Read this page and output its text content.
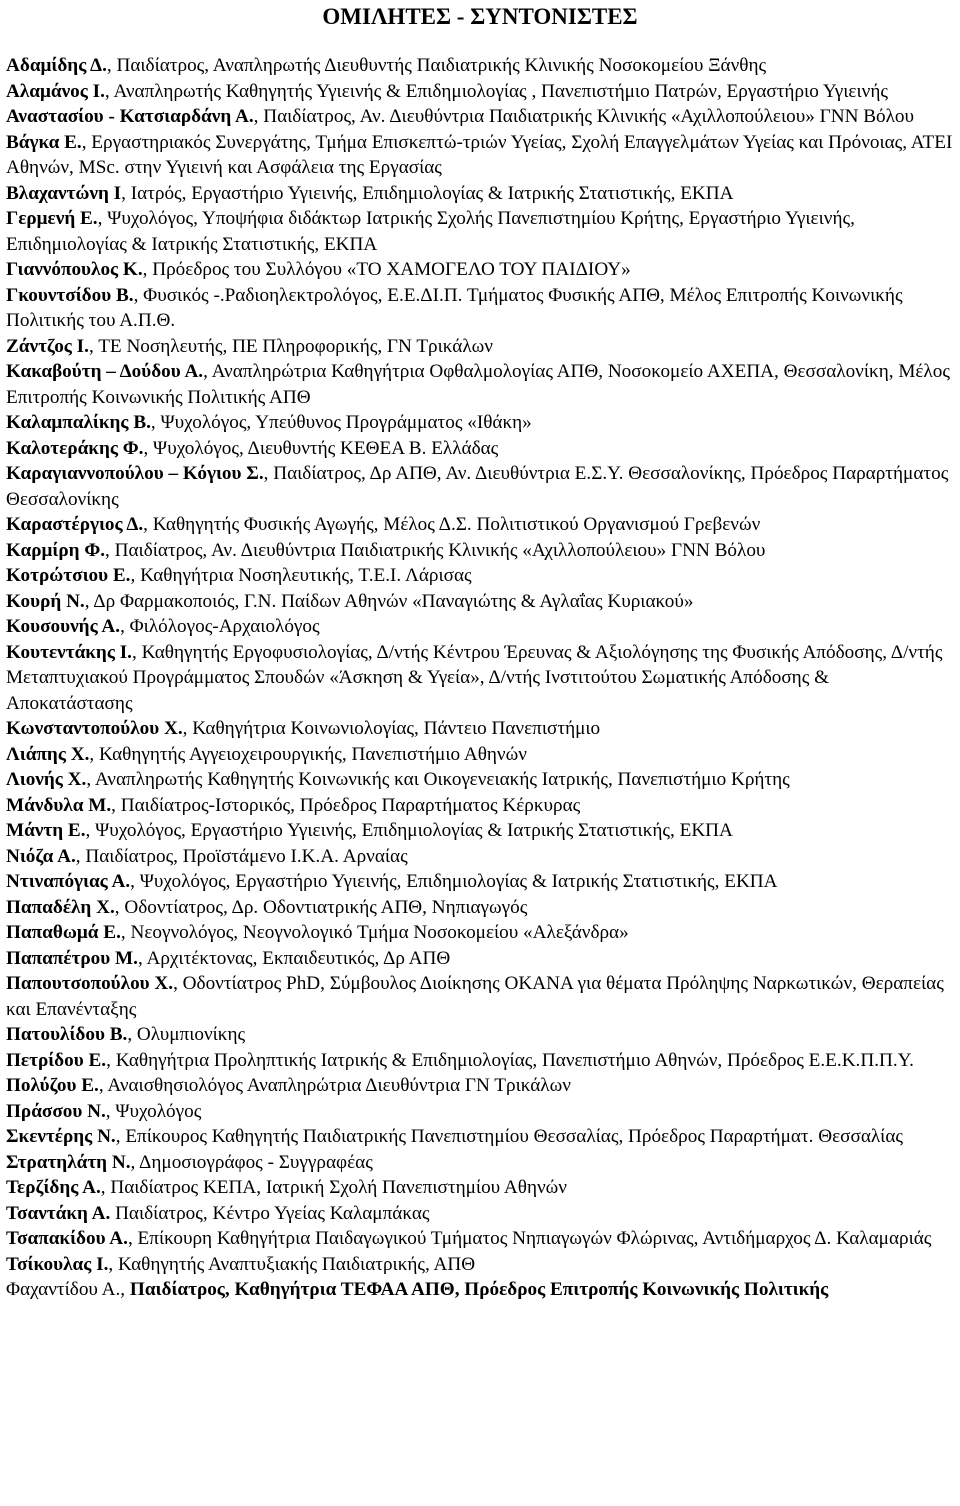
ΟΜΙΛΗΤΕΣ - ΣΥΝΤΟΝΙΣΤΕΣ

Αδαμίδης Δ., Παιδίατρος, Αναπληρωτής Διευθυντής Παιδιατρικής Κλινικής Νοσοκομείου Ξάνθης

Αλαμάνος Ι., Αναπληρωτής Καθηγητής Υγιεινής & Επιδημιολογίας , Πανεπιστήμιο Πατρών, Εργαστήριο Υγιεινής

Αναστασίου - Κατσιαρδάνη Α., Παιδίατρος, Αν. Διευθύντρια Παιδιατρικής Κλινικής «Αχιλλοπούλειου» ΓΝΝ Βόλου

Βάγκα Ε., Εργαστηριακός Συνεργάτης, Τμήμα Επισκεπτώ-τριών Υγείας, Σχολή Επαγγελμάτων Υγείας και Πρόνοιας, ΑΤΕΙ Αθηνών, MSc. στην Υγιεινή και Ασφάλεια της Εργασίας

Βλαχαντώνη Ι, Ιατρός, Εργαστήριο Υγιεινής, Επιδημιολογίας & Ιατρικής Στατιστικής, ΕΚΠΑ

Γερμενή Ε., Ψυχολόγος, Υποψήφια διδάκτωρ Ιατρικής Σχολής Πανεπιστημίου Κρήτης, Εργαστήριο Υγιεινής, Επιδημιολογίας & Ιατρικής Στατιστικής, ΕΚΠΑ

Γιαννόπουλος Κ., Πρόεδρος του Συλλόγου «ΤΟ ΧΑΜΟΓΕΛΟ ΤΟΥ ΠΑΙΔΙΟΥ»

Γκουντσίδου Β., Φυσικός -.Ραδιοηλεκτρολόγος, Ε.Ε.ΔΙ.Π. Τμήματος Φυσικής ΑΠΘ, Μέλος Επιτροπής Κοινωνικής Πολιτικής του Α.Π.Θ.

Ζάντζος Ι., ΤΕ Νοσηλευτής, ΠΕ Πληροφορικής, ΓΝ Τρικάλων

Κακαβούτη – Δούδου Α., Αναπληρώτρια Καθηγήτρια Οφθαλμολογίας ΑΠΘ, Νοσοκομείο ΑΧΕΠΑ, Θεσσαλονίκη, Μέλος Επιτροπής Κοινωνικής Πολιτικής ΑΠΘ

Καλαμπαλίκης Β., Ψυχολόγος, Υπεύθυνος Προγράμματος «Ιθάκη»

Καλοτεράκης Φ., Ψυχολόγος, Διευθυντής ΚΕΘΕΑ Β. Ελλάδας

Καραγιαννοπούλου – Κόγιου Σ., Παιδίατρος, Δρ ΑΠΘ, Αν. Διευθύντρια Ε.Σ.Υ. Θεσσαλονίκης, Πρόεδρος Παραρτήματος Θεσσαλονίκης

Καραστέργιος Δ., Καθηγητής Φυσικής Αγωγής, Μέλος Δ.Σ. Πολιτιστικού Οργανισμού Γρεβενών

Καρμίρη Φ., Παιδίατρος, Αν. Διευθύντρια Παιδιατρικής Κλινικής «Αχιλλοπούλειου» ΓΝΝ Βόλου

Κοτρώτσιου Ε., Καθηγήτρια Νοσηλευτικής, Τ.Ε.Ι. Λάρισας

Κουρή Ν., Δρ Φαρμακοποιός, Γ.Ν. Παίδων Αθηνών «Παναγιώτης & Αγλαΐας Κυριακού»

Κουσουνής Α., Φιλόλογος-Αρχαιολόγος

Κουτεντάκης Ι., Καθηγητής Εργοφυσιολογίας, Δ/ντής Κέντρου Έρευνας & Αξιολόγησης της Φυσικής Απόδοσης, Δ/ντής Μεταπτυχιακού Προγράμματος Σπουδών «Άσκηση & Υγεία», Δ/ντής Ινστιτούτου Σωματικής Απόδοσης & Αποκατάστασης

Κωνσταντοπούλου Χ., Καθηγήτρια Κοινωνιολογίας, Πάντειο Πανεπιστήμιο

Λιάπης Χ., Καθηγητής Αγγειοχειρουργικής, Πανεπιστήμιο Αθηνών

Λιονής Χ., Αναπληρωτής Καθηγητής Κοινωνικής και Οικογενειακής Ιατρικής, Πανεπιστήμιο Κρήτης

Μάνδυλα Μ., Παιδίατρος-Ιστορικός, Πρόεδρος Παραρτήματος Κέρκυρας

Μάντη Ε., Ψυχολόγος, Εργαστήριο Υγιεινής, Επιδημιολογίας & Ιατρικής Στατιστικής, ΕΚΠΑ

Νιόζα Α., Παιδίατρος, Προϊστάμενο Ι.Κ.Α. Αρναίας

Ντιναπόγιας Α., Ψυχολόγος, Εργαστήριο Υγιεινής, Επιδημιολογίας & Ιατρικής Στατιστικής, ΕΚΠΑ

Παπαδέλη Χ., Οδοντίατρος, Δρ. Οδοντιατρικής ΑΠΘ, Νηπιαγωγός

Παπαθωμά Ε., Νεογνολόγος, Νεογνολογικό Τμήμα Νοσοκομείου «Αλεξάνδρα»

Παπαπέτρου Μ., Αρχιτέκτονας, Εκπαιδευτικός, Δρ ΑΠΘ

Παπουτσοπούλου Χ., Οδοντίατρος PhD, Σύμβουλος Διοίκησης ΟΚΑΝΑ για θέματα Πρόληψης Ναρκωτικών, Θεραπείας και Επανένταξης

Πατουλίδου Β., Ολυμπιονίκης

Πετρίδου Ε., Καθηγήτρια Προληπτικής Ιατρικής & Επιδημιολογίας, Πανεπιστήμιο Αθηνών, Πρόεδρος Ε.Ε.Κ.Π.Π.Υ.

Πολύζου Ε., Αναισθησιολόγος Αναπληρώτρια Διευθύντρια ΓΝ Τρικάλων

Πράσσου Ν., Ψυχολόγος

Σκεντέρης Ν., Επίκουρος Καθηγητής Παιδιατρικής Πανεπιστημίου Θεσσαλίας, Πρόεδρος Παραρτήματ. Θεσσαλίας

Στρατηλάτη Ν., Δημοσιογράφος - Συγγραφέας

Τερζίδης Α., Παιδίατρος ΚΕΠΑ, Ιατρική Σχολή Πανεπιστημίου Αθηνών

Τσαντάκη Α. Παιδίατρος, Κέντρο Υγείας Καλαμπάκας

Τσαπακίδου Α., Επίκουρη Καθηγήτρια Παιδαγωγικού Τμήματος Νηπιαγωγών Φλώρινας, Αντιδήμαρχος Δ. Καλαμαριάς

Τσίκουλας Ι., Καθηγητής Αναπτυξιακής Παιδιατρικής, ΑΠΘ

Φαχαντίδου Α., Παιδίατρος, Καθηγήτρια ΤΕΦΑΑ ΑΠΘ, Πρόεδρος Επιτροπής Κοινωνικής Πολιτικής
